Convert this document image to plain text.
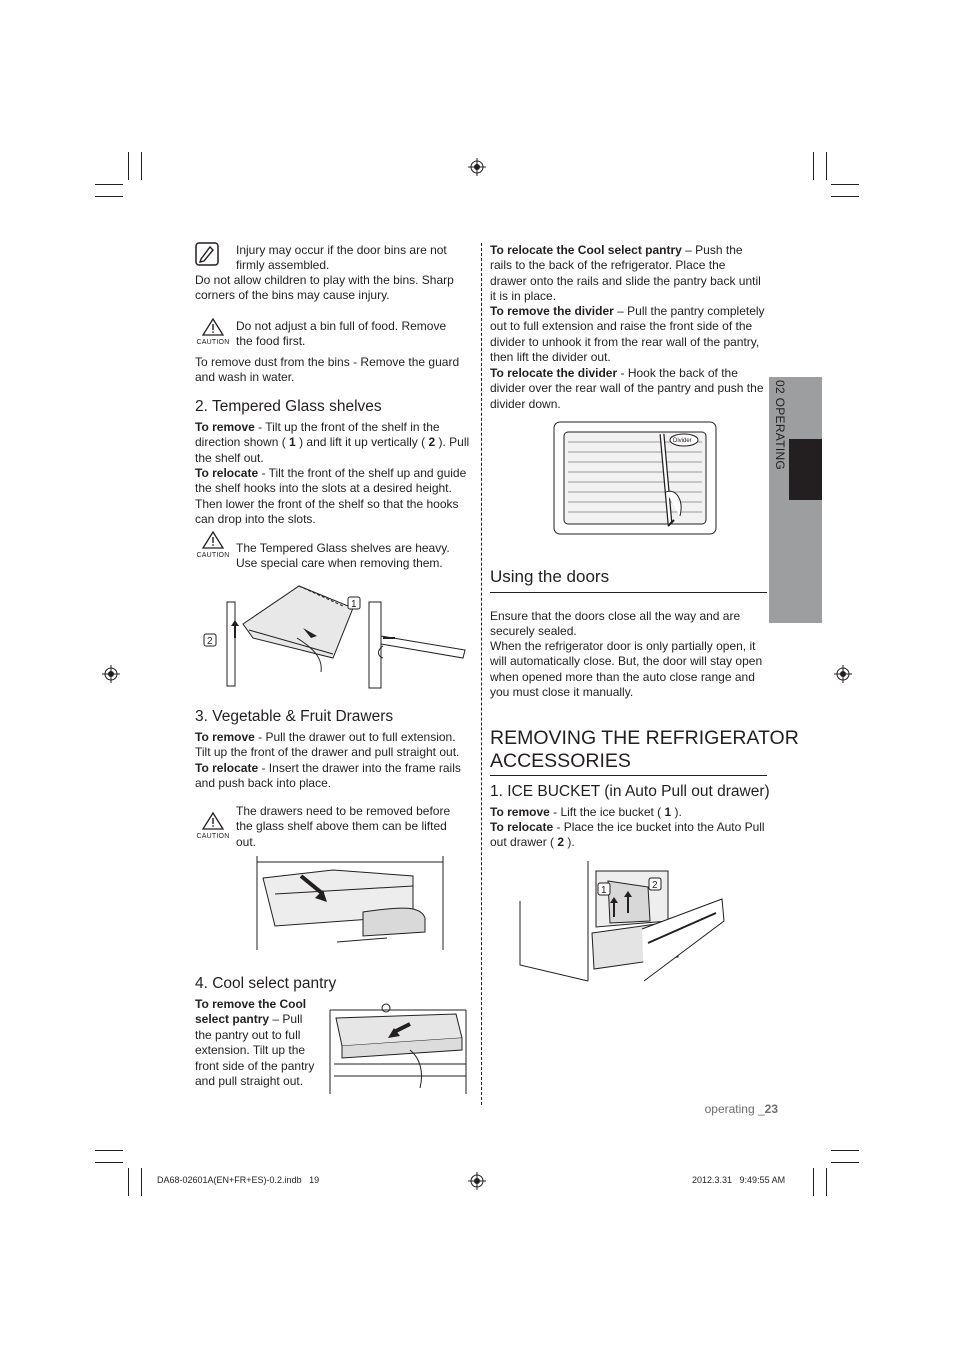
Injury may occur if the door bins are not firmly assembled.
Do not allow children to play with the bins. Sharp corners of the bins may cause injury.
CAUTION
Do not adjust a bin full of food. Remove the food first.
To remove dust from the bins - Remove the guard and wash in water.
2. Tempered Glass shelves
To remove - Tilt up the front of the shelf in the direction shown ( 1 ) and lift it up vertically ( 2 ). Pull the shelf out.
To relocate - Tilt the front of the shelf up and guide the shelf hooks into the slots at a desired height. Then lower the front of the shelf so that the hooks can drop into the slots.
CAUTION
The Tempered Glass shelves are heavy. Use special care when removing them.
1
2
3. Vegetable & Fruit Drawers
To remove - Pull the drawer out to full extension. Tilt up the front of the drawer and pull straight out.
To relocate - Insert the drawer into the frame rails and push back into place.
CAUTION
The drawers need to be removed before the glass shelf above them can be lifted out.
4. Cool select pantry
To remove the Cool select pantry – Pull the pantry out to full extension. Tilt up the front side of the pantry and pull straight out.
To relocate the Cool select pantry – Push the rails to the back of the refrigerator. Place the drawer onto the rails and slide the pantry back until it is in place.
To remove the divider – Pull the pantry completely out to full extension and raise the front side of the divider to unhook it from the rear wall of the pantry, then lift the divider out.
To relocate the divider - Hook the back of the divider over the rear wall of the pantry and push the divider down.
Divider
Using the doors
Ensure that the doors close all the way and are securely sealed.
When the refrigerator door is only partially open, it will automatically close. But, the door will stay open when opened more than the auto close range and you must close it manually.
REMOVING THE REFRIGERATOR
ACCESSORIES
1. ICE BUCKET (in Auto Pull out drawer)
To remove - Lift the ice bucket ( 1 ).
To relocate - Place the ice bucket into the Auto Pull out drawer ( 2 ).
1	2
02 OPERATING
operating _23
DA68-02601A(EN+FR+ES)-0.2.indb   19	2012.3.31   9:49:55 AM
